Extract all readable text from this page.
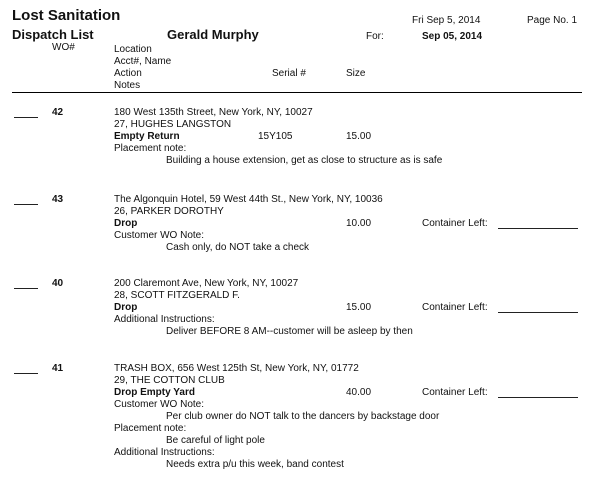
Lost Sanitation
Dispatch List	Gerald Murphy
Fri Sep 5, 2014	Page No. 1
For:	Sep 05, 2014
WO#	Location
Acct#, Name
Action
Notes
Serial #	Size
42	180 West 135th Street, New York, NY, 10027
27, HUGHES LANGSTON
Empty Return	15Y105	15.00
Placement note:
Building a house extension, get as close to structure as is safe
43	The Algonquin Hotel, 59 West 44th St., New York, NY, 10036
26, PARKER DOROTHY
Drop	10.00	Container Left:
Customer WO Note:
Cash only, do NOT take a check
40	200 Claremont Ave, New York, NY, 10027
28, SCOTT FITZGERALD F.
Drop	15.00	Container Left:
Additional Instructions:
Deliver BEFORE 8 AM--customer will be asleep by then
41	TRASH BOX, 656 West 125th St, New York, NY, 01772
29, THE COTTON CLUB
Drop Empty Yard	40.00	Container Left:
Customer WO Note:
Per club owner do NOT talk to the dancers by backstage door
Placement note:
Be careful of light pole
Additional Instructions:
Needs extra p/u this week, band contest
